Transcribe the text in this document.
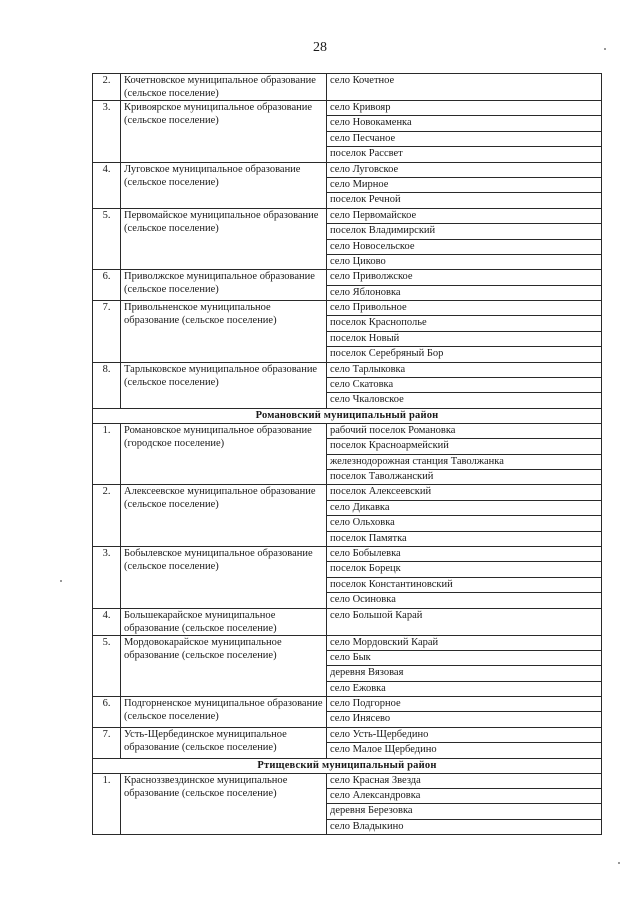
28
2.	Кочетновское муниципальное образование (сельское поселение)	село Кочетное
3.	Кривоярское муниципальное образование (сельское поселение)	село Кривояр
		село Новокаменка
		село Песчаное
		поселок Рассвет
4.	Луговское муниципальное образование (сельское поселение)	село Луговское
		село Мирное
		поселок Речной
5.	Первомайское муниципальное образование (сельское поселение)	село Первомайское
		поселок Владимирский
		село Новосельское
		село Циково
6.	Приволжское муниципальное образование (сельское поселение)	село Приволжское
		село Яблоновка
7.	Привольненское муниципальное образование (сельское поселение)	село Привольное
		поселок Краснополье
		поселок Новый
		поселок Серебряный Бор
8.	Тарлыковское муниципальное образование (сельское поселение)	село Тарлыковка
		село Скатовка
		село Чкаловское
Романовский муниципальный район		
1.	Романовское муниципальное образование (городское поселение)	рабочий поселок Романовка
		поселок Красноармейский
		железнодорожная станция Таволжанка
		поселок Таволжанский
2.	Алексеевское муниципальное образование (сельское поселение)	поселок Алексеевский
		село Дикавка
		село Ольховка
		поселок Памятка
3.	Бобылевское муниципальное образование (сельское поселение)	село Бобылевка
		поселок Борецк
		поселок Константиновский
		село Осиновка
4.	Большекарайское муниципальное образование (сельское поселение)	село Большой Карай
5.	Мордовокарайское муниципальное образование (сельское поселение)	село Мордовский Карай
		село Бык
		деревня Вязовая
		село Ежовка
6.	Подгорненское муниципальное образование (сельское поселение)	село Подгорное
		село Инясево
7.	Усть-Щербединское муниципальное образование (сельское поселение)	село Усть-Щербедино
		село Малое Щербедино
Ртищевский муниципальный район		
1.	Красноззвездинское муниципальное образование (сельское поселение)	село Красная Звезда
		село Александровка
		деревня Березовка
		село Владыкино
